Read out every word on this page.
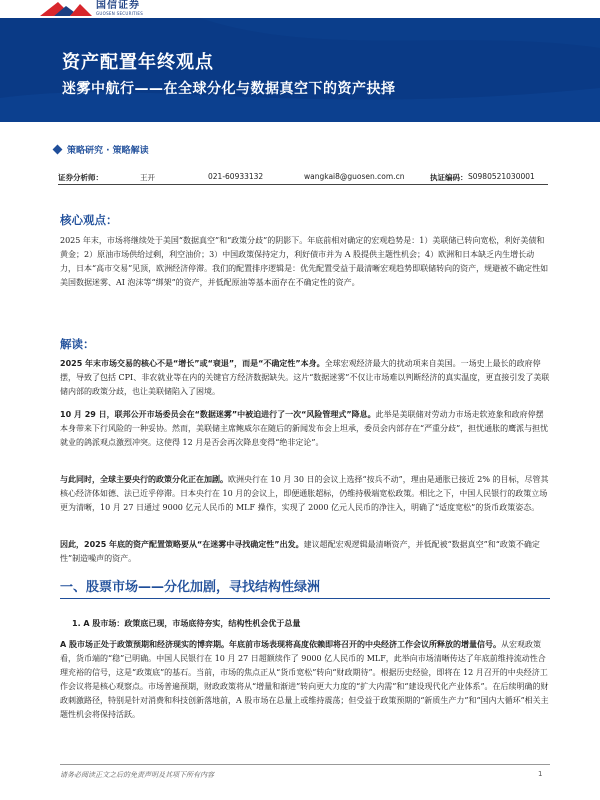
国信证券
GUOSEN SECURITIES
资产配置年终观点
迷雾中航行——在全球分化与数据真空下的资产抉择
策略研究 · 策略解读
证券分析师：	王开	021-60933132	wangkai8@guosen.com.cn	执证编码： S0980521030001
核心观点：
2025 年末，市场将继续处于美国“数据真空”和“政策分歧”的阴影下。年底前相对确定的宏观趋势是：1）美联储已转向宽松，利好美债和黄金；2）原油市场供给过剩，利空油价；3）中国政策保持定力，利好债市并为 A 股提供主题性机会；4）欧洲和日本缺乏内生增长动力，日本“高市交易”见顶，欧洲经济停滞。我们的配置排序逻辑是：优先配置受益于最清晰宏观趋势即联储转向的资产，规避被不确定性如美国数据迷雾、AI 泡沫等“绑架”的资产，并低配原油等基本面存在不确定性的资产。
解读：
2025 年末市场交易的核心不是“增长”或“衰退”，而是“不确定性”本身。全球宏观经济最大的扰动项来自美国。一场史上最长的政府停摆，导致了包括 CPI、非农就业等在内的关键官方经济数据缺失。这片“数据迷雾”不仅让市场难以判断经济的真实温度，更直接引发了美联储内部的政策分歧，也让美联储陷入了困境。
10 月 29 日，联邦公开市场委员会在“数据迷雾”中被迫进行了一次“风险管理式”降息。此举是美联储对劳动力市场走软迹象和政府停摆本身带来下行风险的一种妥协。然而，美联储主席鲍威尔在随后的新闻发布会上坦承，委员会内部存在“严重分歧”，担忧通胀的鹰派与担忧就业的鸽派观点激烈冲突。这使得 12 月是否会再次降息变得“绝非定论”。
与此同时，全球主要央行的政策分化正在加剧。欧洲央行在 10 月 30 日的会议上选择“按兵不动”，理由是通胀已接近 2% 的目标，尽管其核心经济体如德、法已近乎停滞。日本央行在 10 月的会议上，即便通胀超标，仍维持极端宽松政策。相比之下，中国人民银行的政策立场更为清晰，10 月 27 日通过 9000 亿元人民币的 MLF 操作，实现了 2000 亿元人民币的净注入，明确了“适度宽松”的货币政策姿态。
因此，2025 年底的资产配置策略要从“在迷雾中寻找确定性”出发。建议超配宏观逻辑最清晰资产，并低配被“数据真空”和“政策不确定性”制造噪声的资产。
一、股票市场——分化加剧，寻找结构性绿洲
1. A 股市场：政策底已现，市场底待夯实，结构性机会优于总量
A 股市场正处于政策预期和经济现实的博弈期。年底前市场表现将高度依赖即将召开的中央经济工作会议所释放的增量信号。从宏观政策看，货币端的“稳”已明确。中国人民银行在 10 月 27 日超额续作了 9000 亿人民币的 MLF，此举向市场清晰传达了年底前维持流动性合理充裕的信号，这是“政策底”的基石。当前，市场的焦点正从“货币宽松”转向“财政期待”。根据历史经验，即将在 12 月召开的中央经济工作会议将是核心观察点。市场普遍预期，财政政策将从“增量和渐进”转向更大力度的“扩大内需”和“建设现代化产业体系”。在后续明确的财政刺激路径，特别是针对消费和科技创新落地前，A 股市场在总量上或维持震荡；但受益于政策预期的“新质生产力”和“国内大循环”相关主题性机会将保持活跃。
请务必阅读正文之后的免责声明及其项下所有内容	1
